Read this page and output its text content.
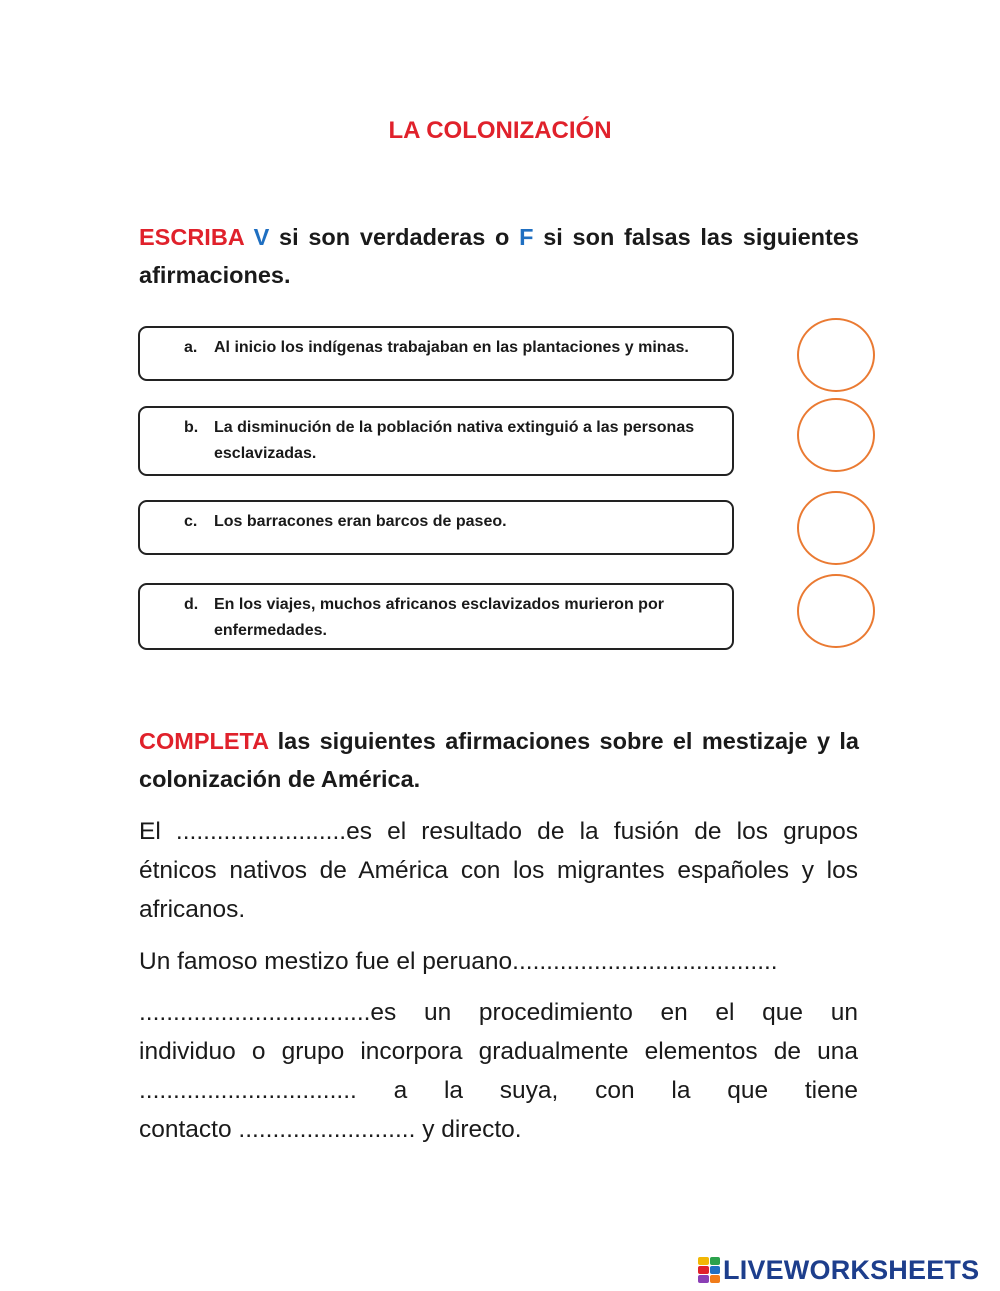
LA COLONIZACIÓN
ESCRIBA V si son verdaderas o F si son falsas las siguientes afirmaciones.
a.	Al inicio los indígenas trabajaban en las plantaciones y minas.
b. La disminución de la población nativa extinguió a las personas esclavizadas.
c.	Los barracones eran barcos de paseo.
d. En los viajes, muchos africanos esclavizados murieron por enfermedades.
COMPLETA las siguientes afirmaciones sobre el mestizaje y la colonización de América.
El .........................es el resultado de la fusión de los grupos étnicos nativos de América con los migrantes españoles y los africanos.
Un famoso mestizo fue el peruano.......................................
..................................es un procedimiento en el que un
individuo o grupo incorpora gradualmente elementos de una
................................ a la suya, con la que tiene
contacto .......................... y directo.
LIVEWORKSHEETS
